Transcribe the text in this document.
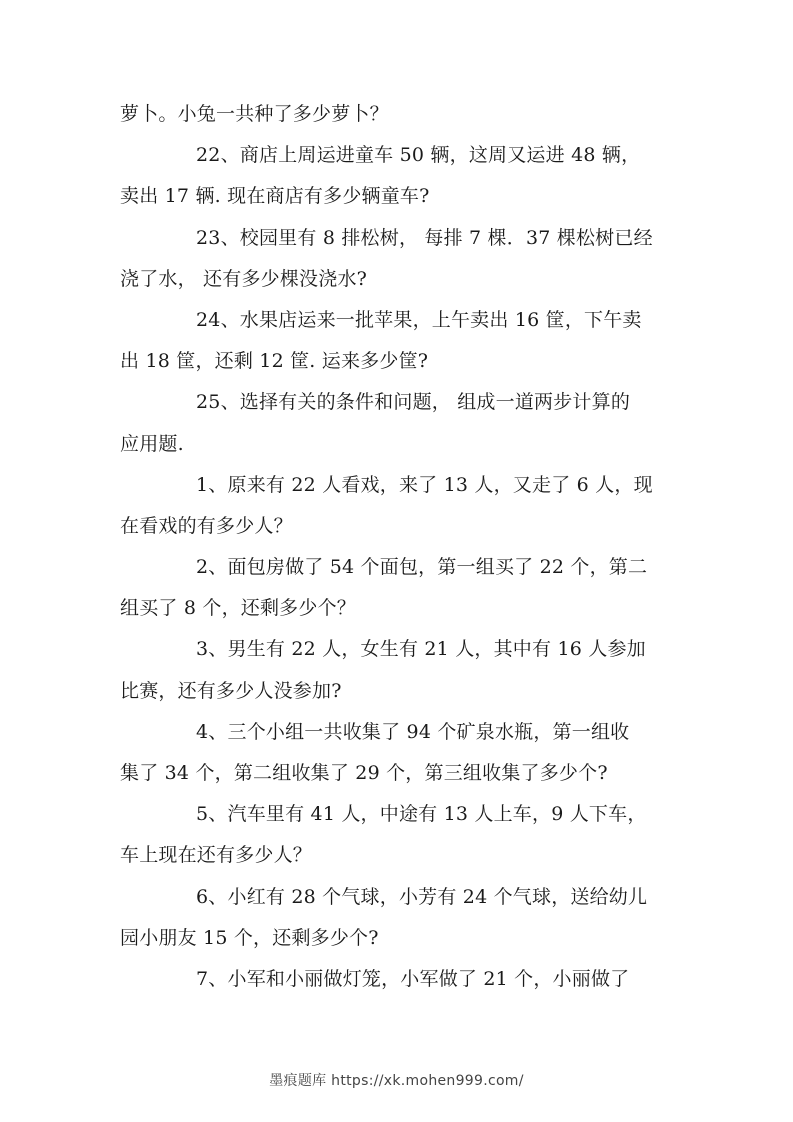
萝卜。小兔一共种了多少萝卜？
22、商店上周运进童车 50 辆，这周又运进 48 辆，
卖出 17 辆. 现在商店有多少辆童车?
23、校园里有 8 排松树， 每排 7 棵．37 棵松树已经
浇了水， 还有多少棵没浇水?
24、水果店运来一批苹果，上午卖出 16 筐，下午卖
出 18 筐，还剩 12 筐. 运来多少筐?
25、选择有关的条件和问题， 组成一道两步计算的
应用题.
1、原来有 22 人看戏，来了 13 人，又走了 6 人，现
在看戏的有多少人？
2、面包房做了 54 个面包，第一组买了 22 个，第二
组买了 8 个，还剩多少个？
3、男生有 22 人，女生有 21 人，其中有 16 人参加
比赛，还有多少人没参加?
4、三个小组一共收集了 94 个矿泉水瓶，第一组收
集了 34 个，第二组收集了 29 个，第三组收集了多少个?
5、汽车里有 41 人，中途有 13 人上车，9 人下车，
车上现在还有多少人？
6、小红有 28 个气球，小芳有 24 个气球，送给幼儿
园小朋友 15 个，还剩多少个?
7、小军和小丽做灯笼，小军做了 21 个，小丽做了
墨痕题库 https://xk.mohen999.com/
